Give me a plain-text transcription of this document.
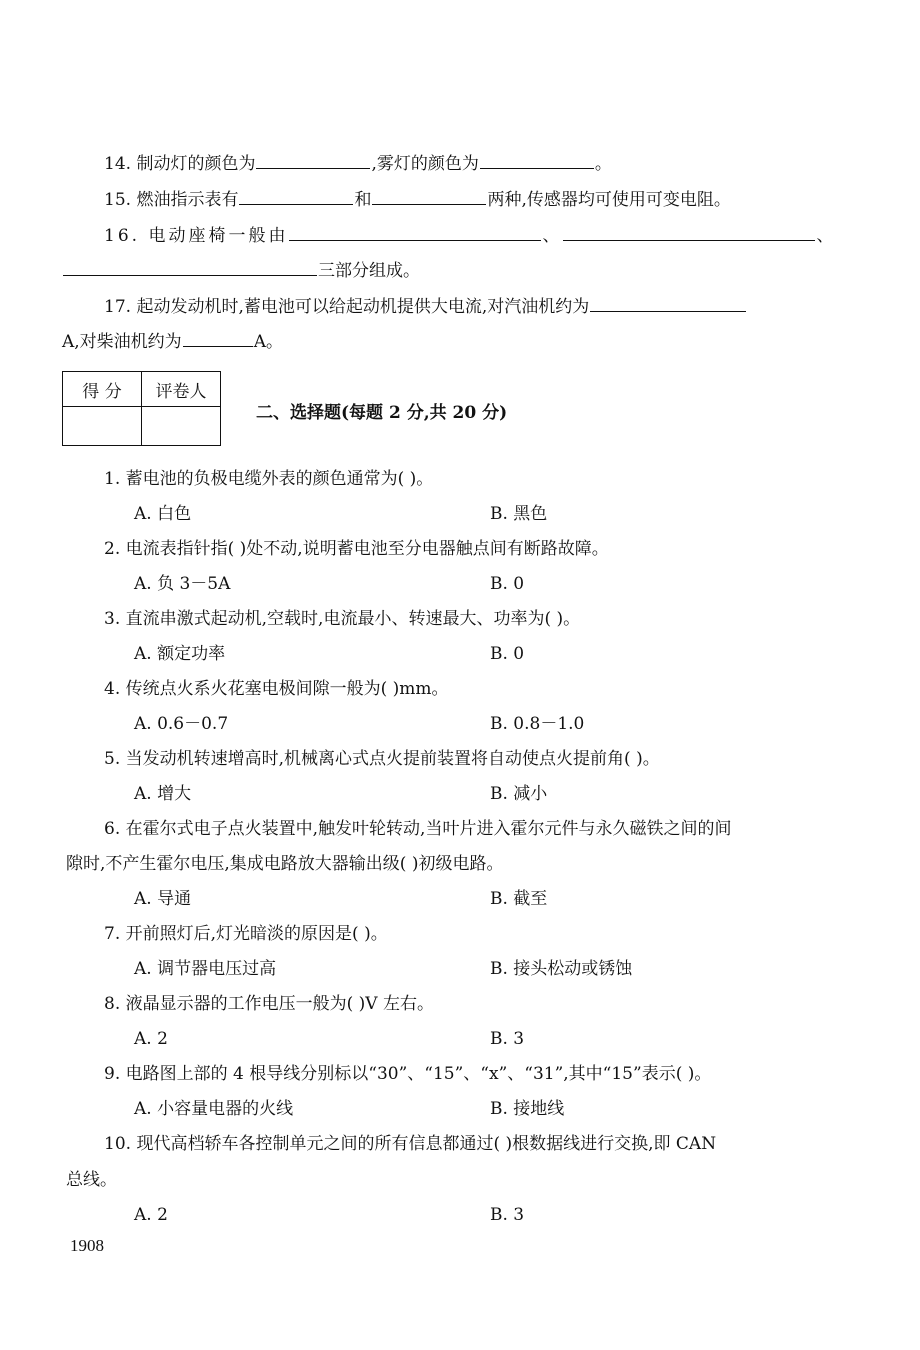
14. 制动灯的颜色为	,雾灯的颜色为	。
15. 燃油指示表有	和	两种,传感器均可使用可变电阻。
16. 电动座椅一般由	、	、
三部分组成。
17. 起动发动机时,蓄电池可以给起动机提供大电流,对汽油机约为
A,对柴油机约为	A。
得 分	评卷人

二、选择题(每题 2 分,共 20 分)
1. 蓄电池的负极电缆外表的颜色通常为( )。
A. 白色	B. 黑色
2. 电流表指针指( )处不动,说明蓄电池至分电器触点间有断路故障。
A. 负 3－5A	B. 0
3. 直流串激式起动机,空载时,电流最小、转速最大、功率为( )。
A. 额定功率	B. 0
4. 传统点火系火花塞电极间隙一般为( )mm。
A. 0.6－0.7	B. 0.8－1.0
5. 当发动机转速增高时,机械离心式点火提前装置将自动使点火提前角( )。
A. 增大	B. 减小
6. 在霍尔式电子点火装置中,触发叶轮转动,当叶片进入霍尔元件与永久磁铁之间的间
隙时,不产生霍尔电压,集成电路放大器输出级( )初级电路。
A. 导通	B. 截至
7. 开前照灯后,灯光暗淡的原因是( )。
A. 调节器电压过高	B. 接头松动或锈蚀
8. 液晶显示器的工作电压一般为( )V 左右。
A. 2	B. 3
9. 电路图上部的 4 根导线分别标以“30”、“15”、“x”、“31”,其中“15”表示( )。
A. 小容量电器的火线	B. 接地线
10. 现代高档轿车各控制单元之间的所有信息都通过( )根数据线进行交换,即 CAN
总线。
A. 2	B. 3
1908
